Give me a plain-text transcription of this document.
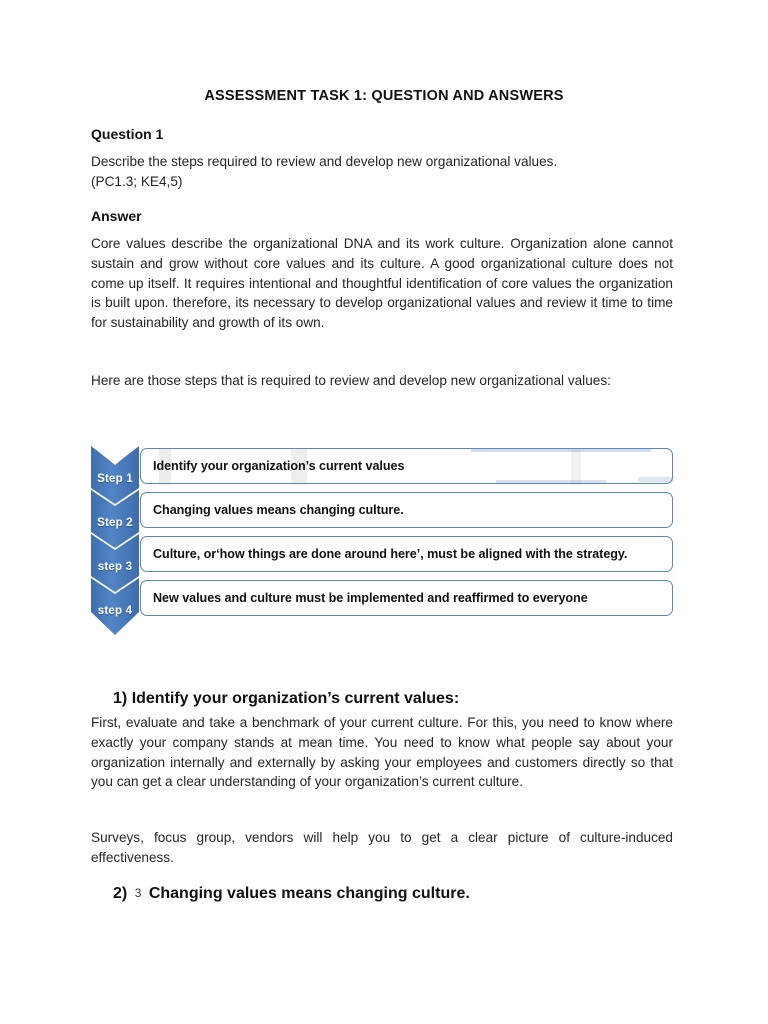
ASSESSMENT TASK 1: QUESTION AND ANSWERS
Question 1
Describe the steps required to review and develop new organizational values. (PC1.3; KE4,5)
Answer
Core values describe the organizational DNA and its work culture. Organization alone cannot sustain and grow without core values and its culture. A good organizational culture does not come up itself. It requires intentional and thoughtful identification of core values the organization is built upon. therefore, its necessary to develop organizational values and review it time to time for sustainability and growth of its own.
Here are those steps that is required to review and develop new organizational values:
Step 1
Step 2
step 3
step 4
Identify your organization’s current values
Changing values means changing culture.
Culture, or‘how things are done around here’, must be aligned with the strategy.
New values and culture must be implemented and reaffirmed to everyone
1) Identify your organization’s current values:
First, evaluate and take a benchmark of your current culture. For this, you need to know where exactly your company stands at mean time. You need to know what people say about your organization internally and externally by asking your employees and customers directly so that you can get a clear understanding of your organization’s current culture.
Surveys, focus group, vendors will help you to get a clear picture of culture-induced effectiveness.
2) 3 Changing values means changing culture.
